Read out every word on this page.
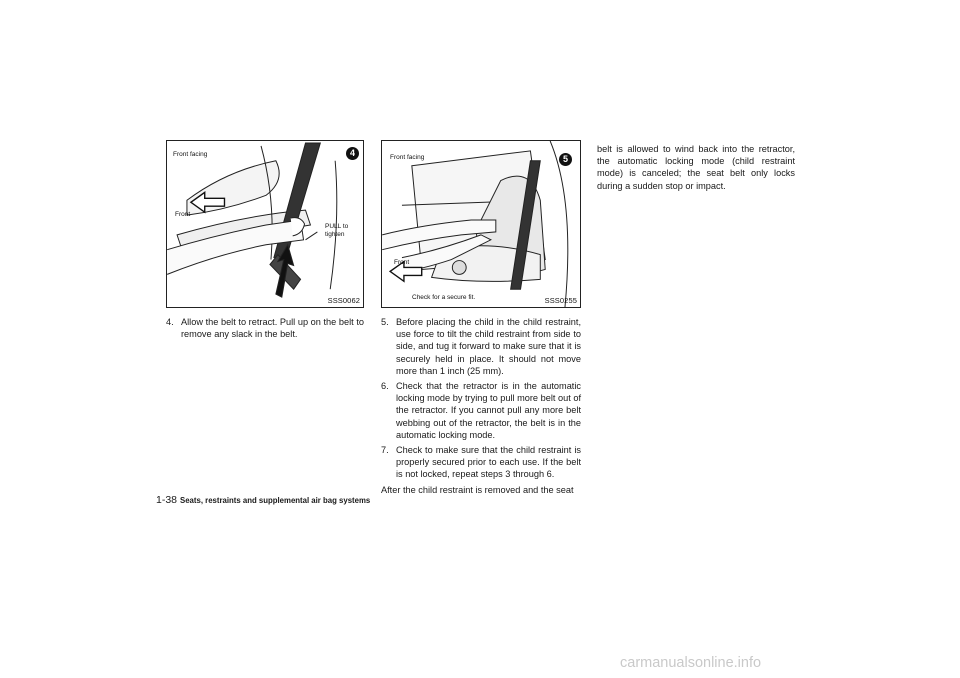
Front facing
Front
PULL to
tighten
4
SSS0062
Front facing
Front
Check for a secure fit.
5
SSS0255
4. Allow the belt to retract. Pull up on the belt to remove any slack in the belt.
5. Before placing the child in the child restraint, use force to tilt the child restraint from side to side, and tug it forward to make sure that it is securely held in place. It should not move more than 1 inch (25 mm).
6. Check that the retractor is in the automatic locking mode by trying to pull more belt out of the retractor. If you cannot pull any more belt webbing out of the retractor, the belt is in the automatic locking mode.
7. Check to make sure that the child restraint is properly secured prior to each use. If the belt is not locked, repeat steps 3 through 6.

After the child restraint is removed and the seat

belt is allowed to wind back into the retractor, the automatic locking mode (child restraint mode) is canceled; the seat belt only locks during a sudden stop or impact.

1-38 Seats, restraints and supplemental air bag systems
carmanualsonline.info
